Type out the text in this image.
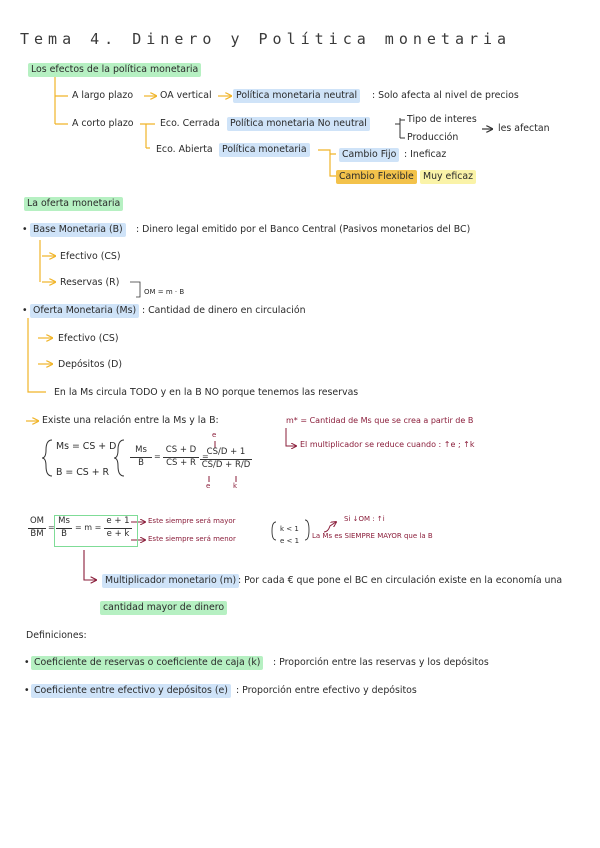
Tema 4. Dinero y Política monetaria
Los efectos de la política monetaria
A largo plazo	OA vertical	Política monetaria neutral	: Solo afecta al nivel de precios
A corto plazo	Eco. Cerrada	Política monetaria No neutral	Tipo de interes
Producción
les afectan
Eco. Abierta Política monetaria	Cambio Fijo : Ineficaz
Cambio Flexible Muy eficaz
La oferta monetaria
• Base Monetaria (B)	: Dinero legal emitido por el Banco Central (Pasivos monetarios del BC)
Efectivo (CS)
Reservas (R)
OM = m · B
• Oferta Monetaria (Ms) : Cantidad de dinero en circulación
Efectivo (CS)
Depósitos (D)
En la Ms circula TODO y en la B NO porque tenemos las reservas
Existe una relación entre la Ms y la B:
Ms = CS + D
B = CS + R
Ms
B
=
CS + D
CS + R
=
e
CS/D + 1
CS/D + R/D
e	k
m* = Cantidad de Ms que se crea a partir de B
El multiplicador se reduce cuando : ↑e ; ↑k
OM
BM
=
Ms
B
= m =
e + 1
e + k
Este siempre será mayor
Este siempre será menor
k < 1
e < 1
La Ms es SIEMPRE MAYOR que la B
Si ↓OM : ↑i
Multiplicador monetario (m) : Por cada € que pone el BC en circulación existe en la economía una
cantidad mayor de dinero
Definiciones:
• Coeficiente de reservas o coeficiente de caja (k)	: Proporción entre las reservas y los depósitos
• Coeficiente entre efectivo y depósitos (e) : Proporción entre efectivo y depósitos
